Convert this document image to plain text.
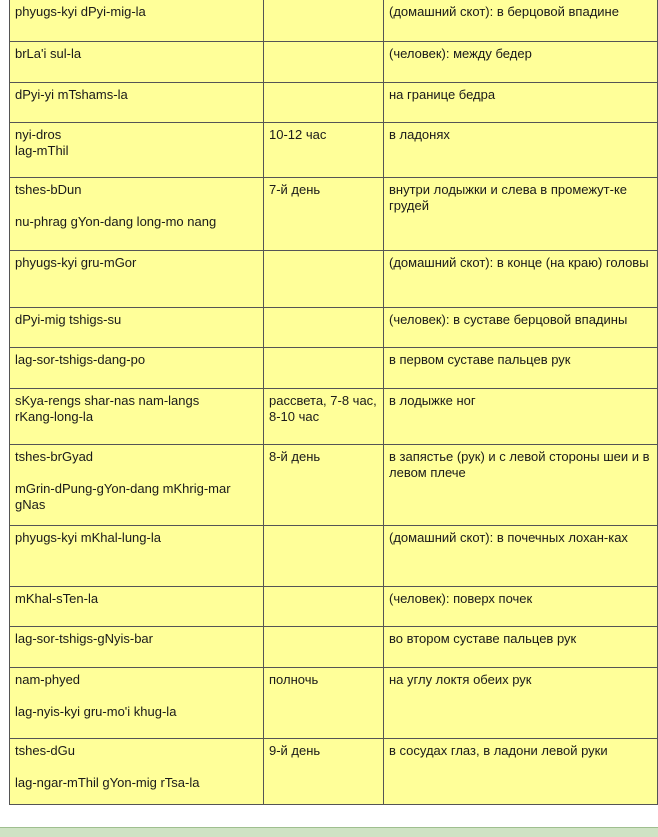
phyugs-kyi dPyi-mig-la		(домашний скот): в берцовой впадине

brLa'i sul-la		(человек): между бедер

dPyi-yi mTshams-la		на границе бедра

nyi-dros
lag-mThil	10-12 час	в ладонях

tshes-bDun
nu-phrag gYon-dang long-mo nang	7-й день	внутри лодыжки и слева в промежут-ке грудей

phyugs-kyi gru-mGor		(домашний скот): в конце (на краю) головы

dPyi-mig tshigs-su		(человек): в суставе берцовой впадины

lag-sor-tshigs-dang-po		в первом суставе пальцев рук

sKya-rengs shar-nas nam-langs
rKang-long-la	рассвета, 7-8 час, 8-10 час	в лодыжке ног

tshes-brGyad
mGrin-dPung-gYon-dang mKhrig-mar gNas	8-й день	в запястье (рук) и с левой стороны шеи и в левом плече

phyugs-kyi mKhal-lung-la		(домашний скот): в почечных лохан-ках

mKhal-sTen-la		(человек): поверх почек

lag-sor-tshigs-gNyis-bar		во втором суставе пальцев рук

nam-phyed
lag-nyis-kyi gru-mo'i khug-la	полночь	на углу локтя обеих рук

tshes-dGu
lag-ngar-mThil gYon-mig rTsa-la	9-й день	в сосудах глаз, в ладони левой руки
